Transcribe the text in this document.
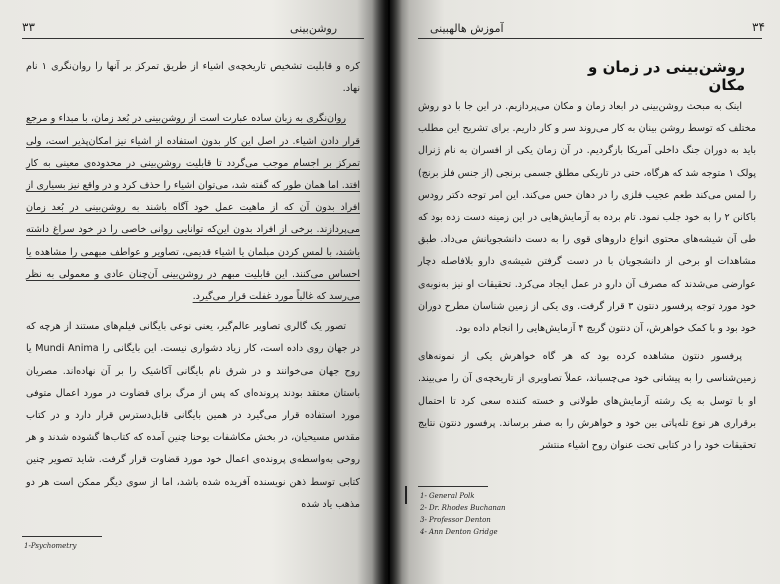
۳۳	روشن‌بینی

کره و قابلیت تشخیص تاریخچه‌ی اشیاء از طریق تمرکز بر آنها را روان‌نگری ۱ نام نهاد.

روان‌نگری به زبان ساده عبارت است از روشن‌بینی در بُعد زمان، با مبداء و مرجع قرار دادن اشیاء. در اصل این کار بدون استفاده از اشیاء نیز امکان‌پذیر است، ولی تمرکز بر اجسام موجب می‌گردد تا قابلیت روشن‌بینی در محدوده‌ی معینی به کار افتد. اما همان طور که گفته شد، می‌توان اشیاء را حذف کرد و در واقع نیز بسیاری از افراد بدون آن که از ماهیت عمل خود آگاه باشند به روشن‌بینی در بُعد زمان می‌پردازند. برخی از افراد بدون این‌که توانایی روانی خاصی را در خود سراغ داشته باشند، با لمس کردن مبلمان یا اشیاء قدیمی، تصاویر و عواطف مبهمی را مشاهده یا احساس می‌کنند. این قابلیت مبهم در روشن‌بینی آن‌چنان عادی و معمولی به نظر می‌رسد که غالباً مورد غفلت قرار می‌گیرد.

تصور یک گالری تصاویر عالم‌گیر، یعنی نوعی بایگانی فیلم‌های مستند از هرچه که در جهان روی داده است، کار زیاد دشواری نیست. این بایگانی را Mundi Anima یا روح جهان می‌خوانند و در شرق نام بایگانی آکاشیک را بر آن نهاده‌اند. مصریان باستان معتقد بودند پرونده‌ای که پس از مرگ برای قضاوت در مورد اعمال متوفی مورد استفاده قرار می‌گیرد در همین بایگانی قابل‌دسترس قرار دارد و در کتاب مقدس مسیحیان، در بخش مکاشفات یوحنا چنین آمده که کتاب‌ها گشوده شدند و هر روحی به‌واسطه‌ی پرونده‌ی اعمال خود مورد قضاوت قرار گرفت. شاید تصویر چنین کتابی توسط ذهن نویسنده آفریده شده باشد، اما از سوی دیگر ممکن است هر دو مذهب یاد شده

1-Psychometry
۳۴
آموزش هالهبینی
روشن‌بینی در زمان و مکان

اینک به مبحث روشن‌بینی در ابعاد زمان و مکان می‌پردازیم. در این جا با دو روش مختلف که توسط روشن بینان به کار می‌روند سر و کار داریم. برای تشریح این مطلب باید به دوران جنگ داخلی آمریکا بازگردیم. در آن زمان یکی از افسران به نام ژنرال پولک ۱ متوجه شد که هرگاه، حتی در تاریکی مطلق جسمی برنجی (از جنس فلز برنج) را لمس می‌کند طعم عجیب فلزی را در دهان حس می‌کند. این امر توجه دکتر رودس باکانن ۲ را به خود جلب نمود. تام برده به آزمایش‌هایی در این زمینه دست زده بود که طی آن شیشه‌های محتوی انواع داروهای قوی را به دست دانشجویانش می‌داد. طبق مشاهدات او برخی از دانشجویان با در دست گرفتن شیشه‌ی دارو بلافاصله دچار عوارضی می‌شدند که مصرف آن دارو در عمل ایجاد می‌کرد. تحقیقات او نیز به‌نوبه‌ی خود مورد توجه پرفسور دنتون ۳ قرار گرفت. وی یکی از زمین شناسان مطرح دوران خود بود و با کمک خواهرش، آن دنتون گریج ۴ آزمایش‌هایی را انجام داده بود.

پرفسور دنتون مشاهده کرده بود که هر گاه خواهرش یکی از نمونه‌های زمین‌شناسی را به پیشانی خود می‌چسباند، عملاً تصاویری از تاریخچه‌ی آن را می‌بیند. او با توسل به یک رشته آزمایش‌های طولانی و خسته کننده سعی کرد تا احتمال برقراری هر نوع تله‌پاتی بین خود و خواهرش را به صفر برساند. پرفسور دنتون نتایج تحقیقات خود را در کتابی تحت عنوان روح اشیاء منتشر

1- General Polk
2- Dr. Rhodes Buchanan
3- Professor Denton
4- Ann Denton Gridge
